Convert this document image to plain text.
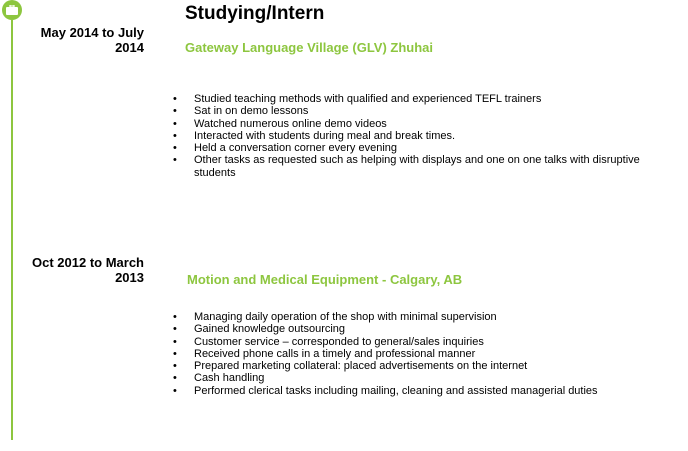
May 2014 to July 2014
Studying/Intern
Gateway Language Village (GLV) Zhuhai
• Studied teaching methods with qualified and experienced TEFL trainers
• Sat in on demo lessons
• Watched numerous online demo videos
• Interacted with students during meal and break times.
• Held a conversation corner every evening
• Other tasks as requested such as helping with displays and one on one talks with disruptive students
Oct 2012 to March 2013	Motion and Medical Equipment - Calgary, AB
• Managing daily operation of the shop with minimal supervision
• Gained knowledge outsourcing
• Customer service – corresponded to general/sales inquiries
• Received phone calls in a timely and professional manner
• Prepared marketing collateral: placed advertisements on the internet
• Cash handling
• Performed clerical tasks including mailing, cleaning and assisted managerial duties
